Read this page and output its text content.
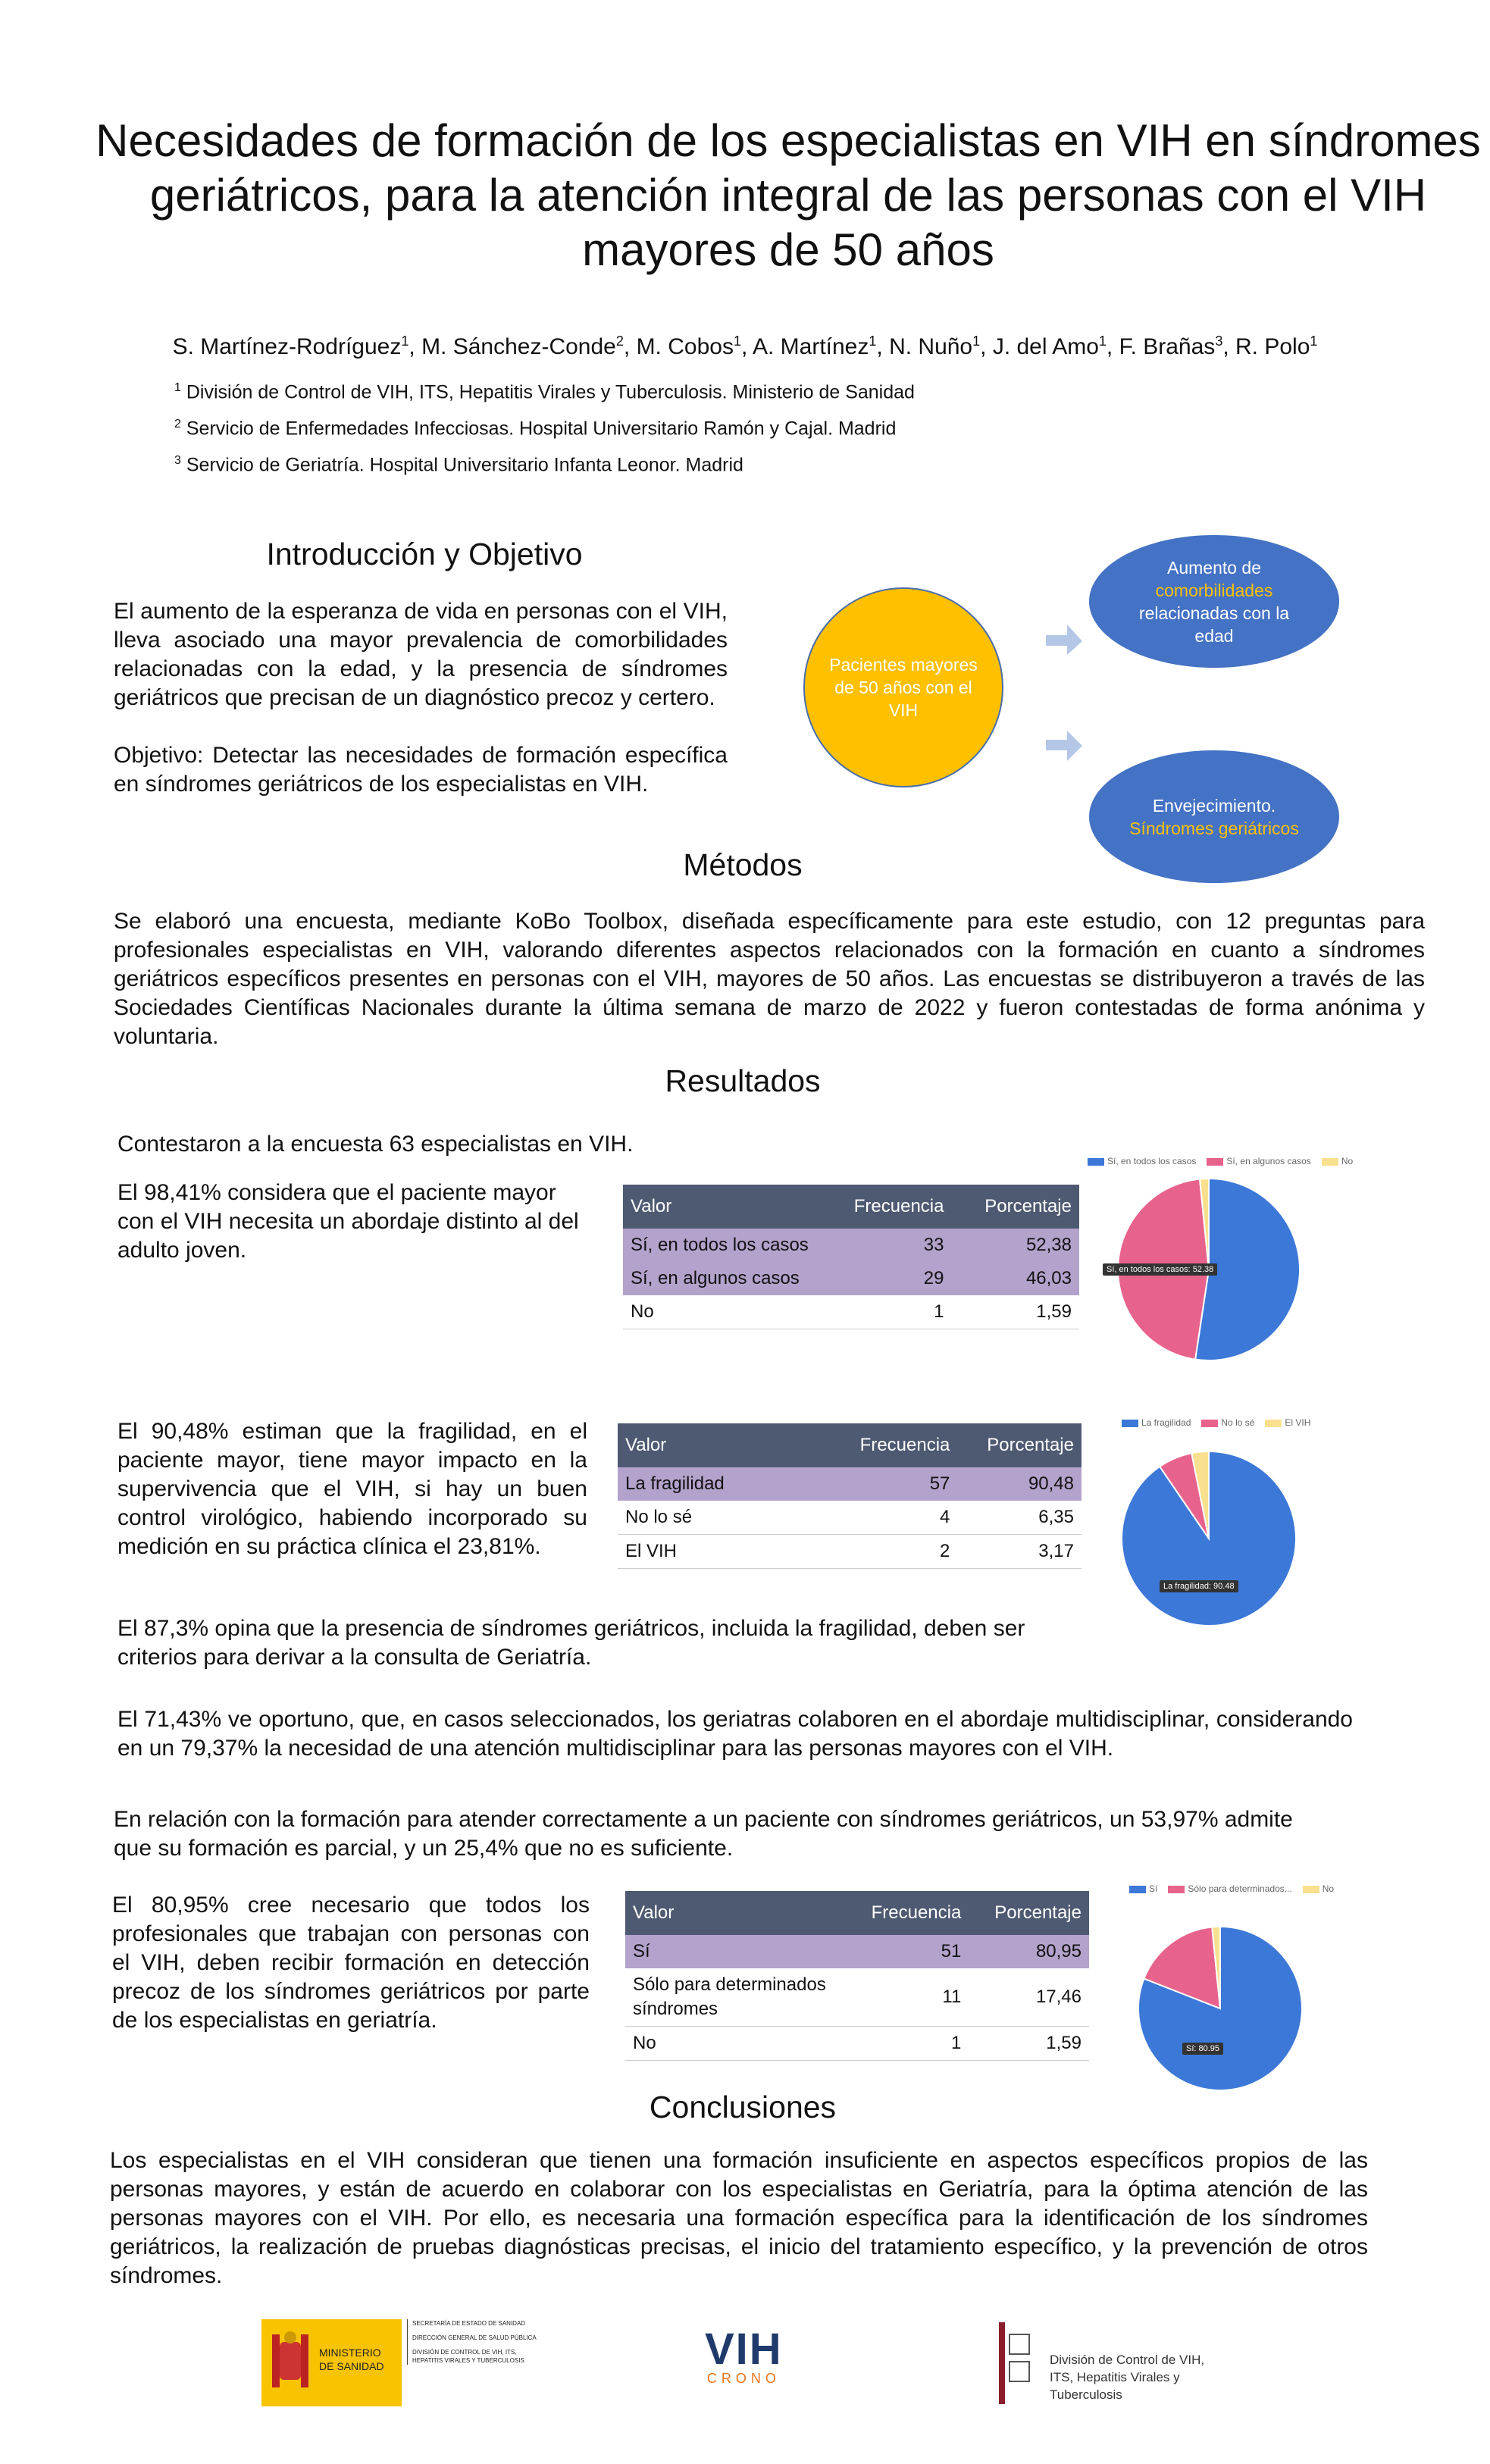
Necesidades de formación de los especialistas en VIH en síndromes geriátricos, para la atención integral de las personas con el VIH mayores de 50 años
S. Martínez-Rodríguez$^1$, M. Sánchez-Conde$^2$, M. Cobos$^1$, A. Martínez$^1$, N. Nuño$^1$, J. del Amo$^1$, F. Brañas$^3$, R. Polo$^1$
$^1$ División de Control de VIH, ITS, Hepatitis Virales y Tuberculosis. Ministerio de Sanidad
$^2$ Servicio de Enfermedades Infecciosas. Hospital Universitario Ramón y Cajal. Madrid
$^3$ Servicio de Geriatría. Hospital Universitario Infanta Leonor. Madrid
Introducción y Objetivo

El aumento de la esperanza de vida en personas con el VIH, lleva asociado una mayor prevalencia de comorbilidades relacionadas con la edad, y la presencia de síndromes geriátricos que precisan de un diagnóstico precoz y certero.

Objetivo: Detectar las necesidades de formación específica en síndromes geriátricos de los especialistas en VIH.

Pacientes mayores de 50 años con el VIH
Aumento de comorbilidades relacionadas con la edad
Envejecimiento.
Síndromes geriátricos
Métodos
Se elaboró una encuesta, mediante KoBo Toolbox, diseñada específicamente para este estudio, con 12 preguntas para profesionales especialistas en VIH, valorando diferentes aspectos relacionados con la formación en cuanto a síndromes geriátricos específicos presentes en personas con el VIH, mayores de 50 años. Las encuestas se distribuyeron a través de las Sociedades Científicas Nacionales durante la última semana de marzo de 2022 y fueron contestadas de forma anónima y voluntaria.
Resultados
Contestaron a la encuesta 63 especialistas en VIH.
El 98,41% considera que el paciente mayor con el VIH necesita un abordaje distinto al del adulto joven.
Valor	Frecuencia	Porcentaje
Sí, en todos los casos	33	52,38
Sí, en algunos casos	29	46,03
No	1	1,59
Sí, en todos los casos	Sí, en algunos casos	No
Sí, en todos los casos: 52.38
El 90,48% estiman que la fragilidad, en el paciente mayor, tiene mayor impacto en la supervivencia que el VIH, si hay un buen control virológico, habiendo incorporado su medición en su práctica clínica el 23,81%.
Valor	Frecuencia	Porcentaje
La fragilidad	57	90,48
No lo sé	4	6,35
El VIH	2	3,17
La fragilidad	No lo sé	El VIH
La fragilidad: 90.48
El 87,3% opina que la presencia de síndromes geriátricos, incluida la fragilidad, deben ser criterios para derivar a la consulta de Geriatría.
El 71,43% ve oportuno, que, en casos seleccionados, los geriatras colaboren en el abordaje multidisciplinar, considerando en un 79,37% la necesidad de una atención multidisciplinar para las personas mayores con el VIH.
En relación con la formación para atender correctamente a un paciente con síndromes geriátricos, un 53,97% admite que su formación es parcial, y un 25,4% que no es suficiente.
El 80,95% cree necesario que todos los profesionales que trabajan con personas con el VIH, deben recibir formación en detección precoz de los síndromes geriátricos por parte de los especialistas en geriatría.
Valor	Frecuencia	Porcentaje
Sí	51	80,95
Sólo para determinados síndromes	11	17,46
No	1	1,59
Sí	Sólo para determinados...	No
Sí: 80.95
Conclusiones
Los especialistas en el VIH consideran que tienen una formación insuficiente en aspectos específicos propios de las personas mayores, y están de acuerdo en colaborar con los especialistas en Geriatría, para la óptima atención de las personas mayores con el VIH. Por ello, es necesaria una formación específica para la identificación de los síndromes geriátricos, la realización de pruebas diagnósticas precisas, el inicio del tratamiento específico, y la prevención de otros síndromes.
MINISTERIO DE SANIDAD
SECRETARÍA DE ESTADO DE SANIDAD
DIRECCIÓN GENERAL DE SALUD PÚBLICA
DIVISIÓN DE CONTROL DE VIH, ITS, HEPATITIS VIRALES Y TUBERCULOSIS	VIH
CRONO
División de Control de VIH,
ITS, Hepatitis Virales y Tuberculosis
